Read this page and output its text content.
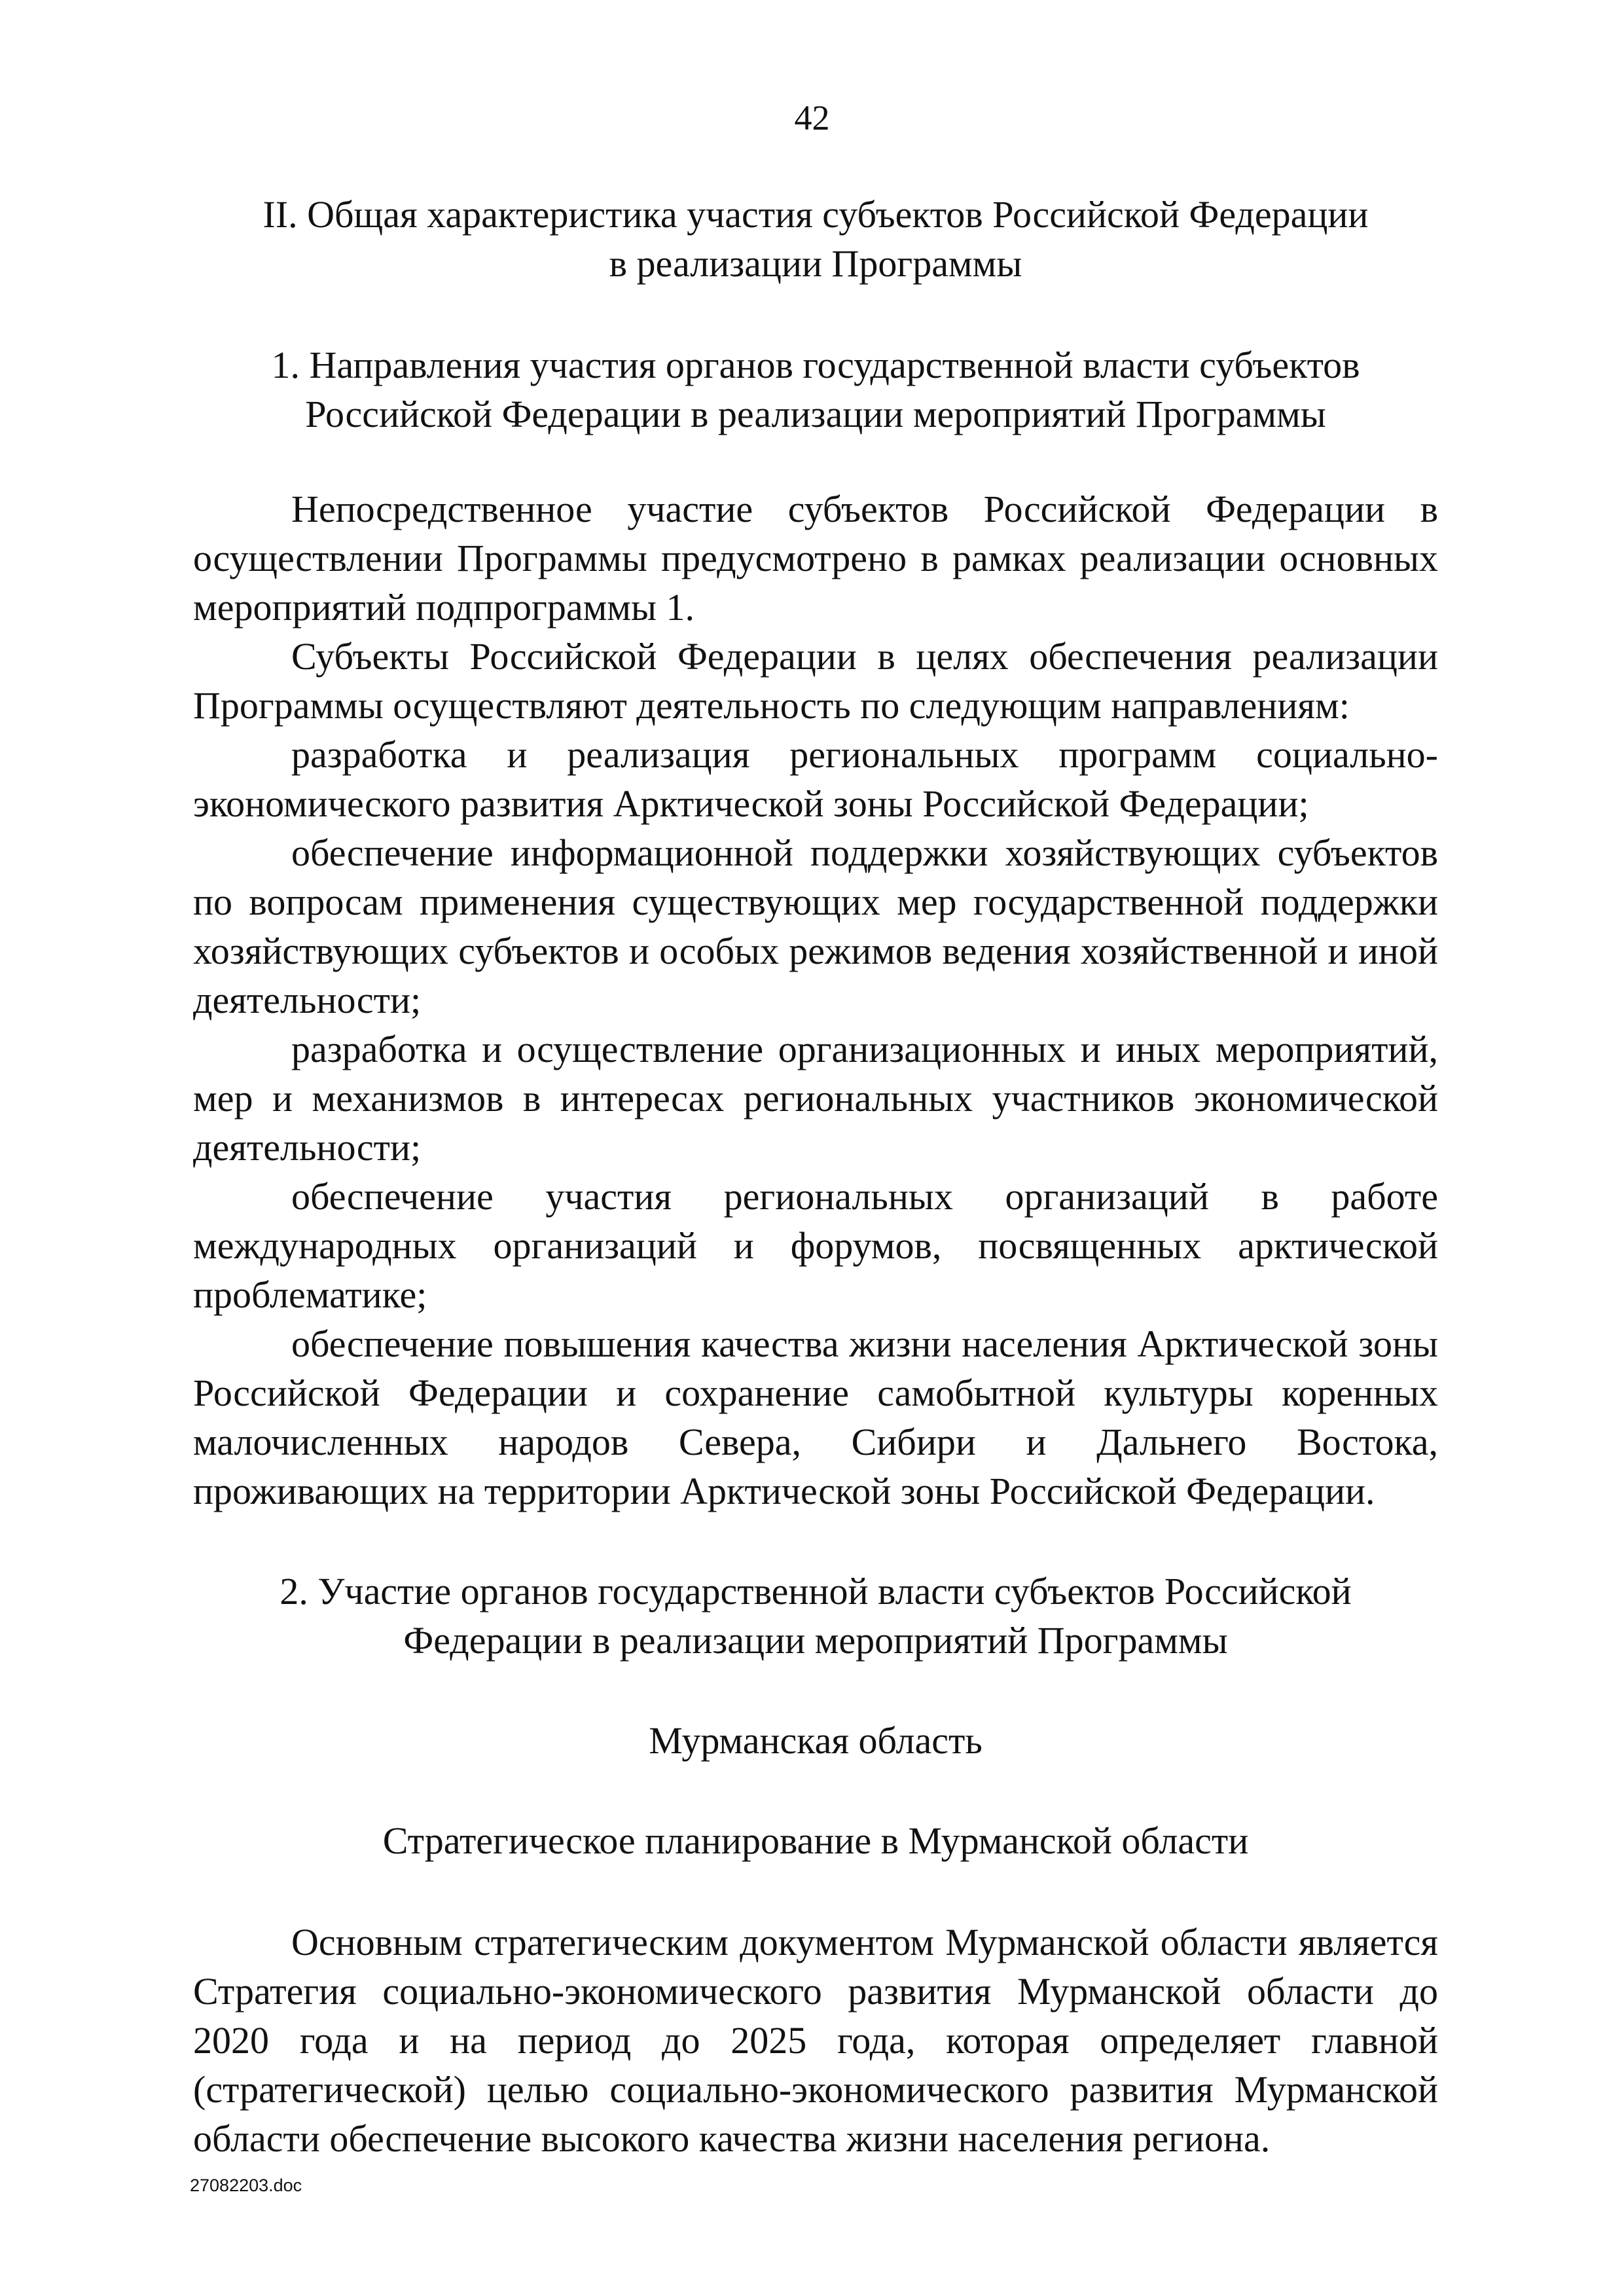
42
II. Общая характеристика участия субъектов Российской Федерации
в реализации Программы
1. Направления участия органов государственной власти субъектов
Российской Федерации в реализации мероприятий Программы

Непосредственное участие субъектов Российской Федерации в осуществлении Программы предусмотрено в рамках реализации основных мероприятий подпрограммы 1.

Субъекты Российской Федерации в целях обеспечения реализации Программы осуществляют деятельность по следующим направлениям:

разработка и реализация региональных программ социально-экономического развития Арктической зоны Российской Федерации;

обеспечение информационной поддержки хозяйствующих субъектов по вопросам применения существующих мер государственной поддержки хозяйствующих субъектов и особых режимов ведения хозяйственной и иной деятельности;

разработка и осуществление организационных и иных мероприятий, мер и механизмов в интересах региональных участников экономической деятельности;

обеспечение участия региональных организаций в работе международных организаций и форумов, посвященных арктической проблематике;

обеспечение повышения качества жизни населения Арктической зоны Российской Федерации и сохранение самобытной культуры коренных малочисленных народов Севера, Сибири и Дальнего Востока, проживающих на территории Арктической зоны Российской Федерации.

2. Участие органов государственной власти субъектов Российской
Федерации в реализации мероприятий Программы
Мурманская область
Стратегическое планирование в Мурманской области

Основным стратегическим документом Мурманской области является Стратегия социально-экономического развития Мурманской области до 2020 года и на период до 2025 года, которая определяет главной (стратегической) целью социально-экономического развития Мурманской области обеспечение высокого качества жизни населения региона.

27082203.doc
